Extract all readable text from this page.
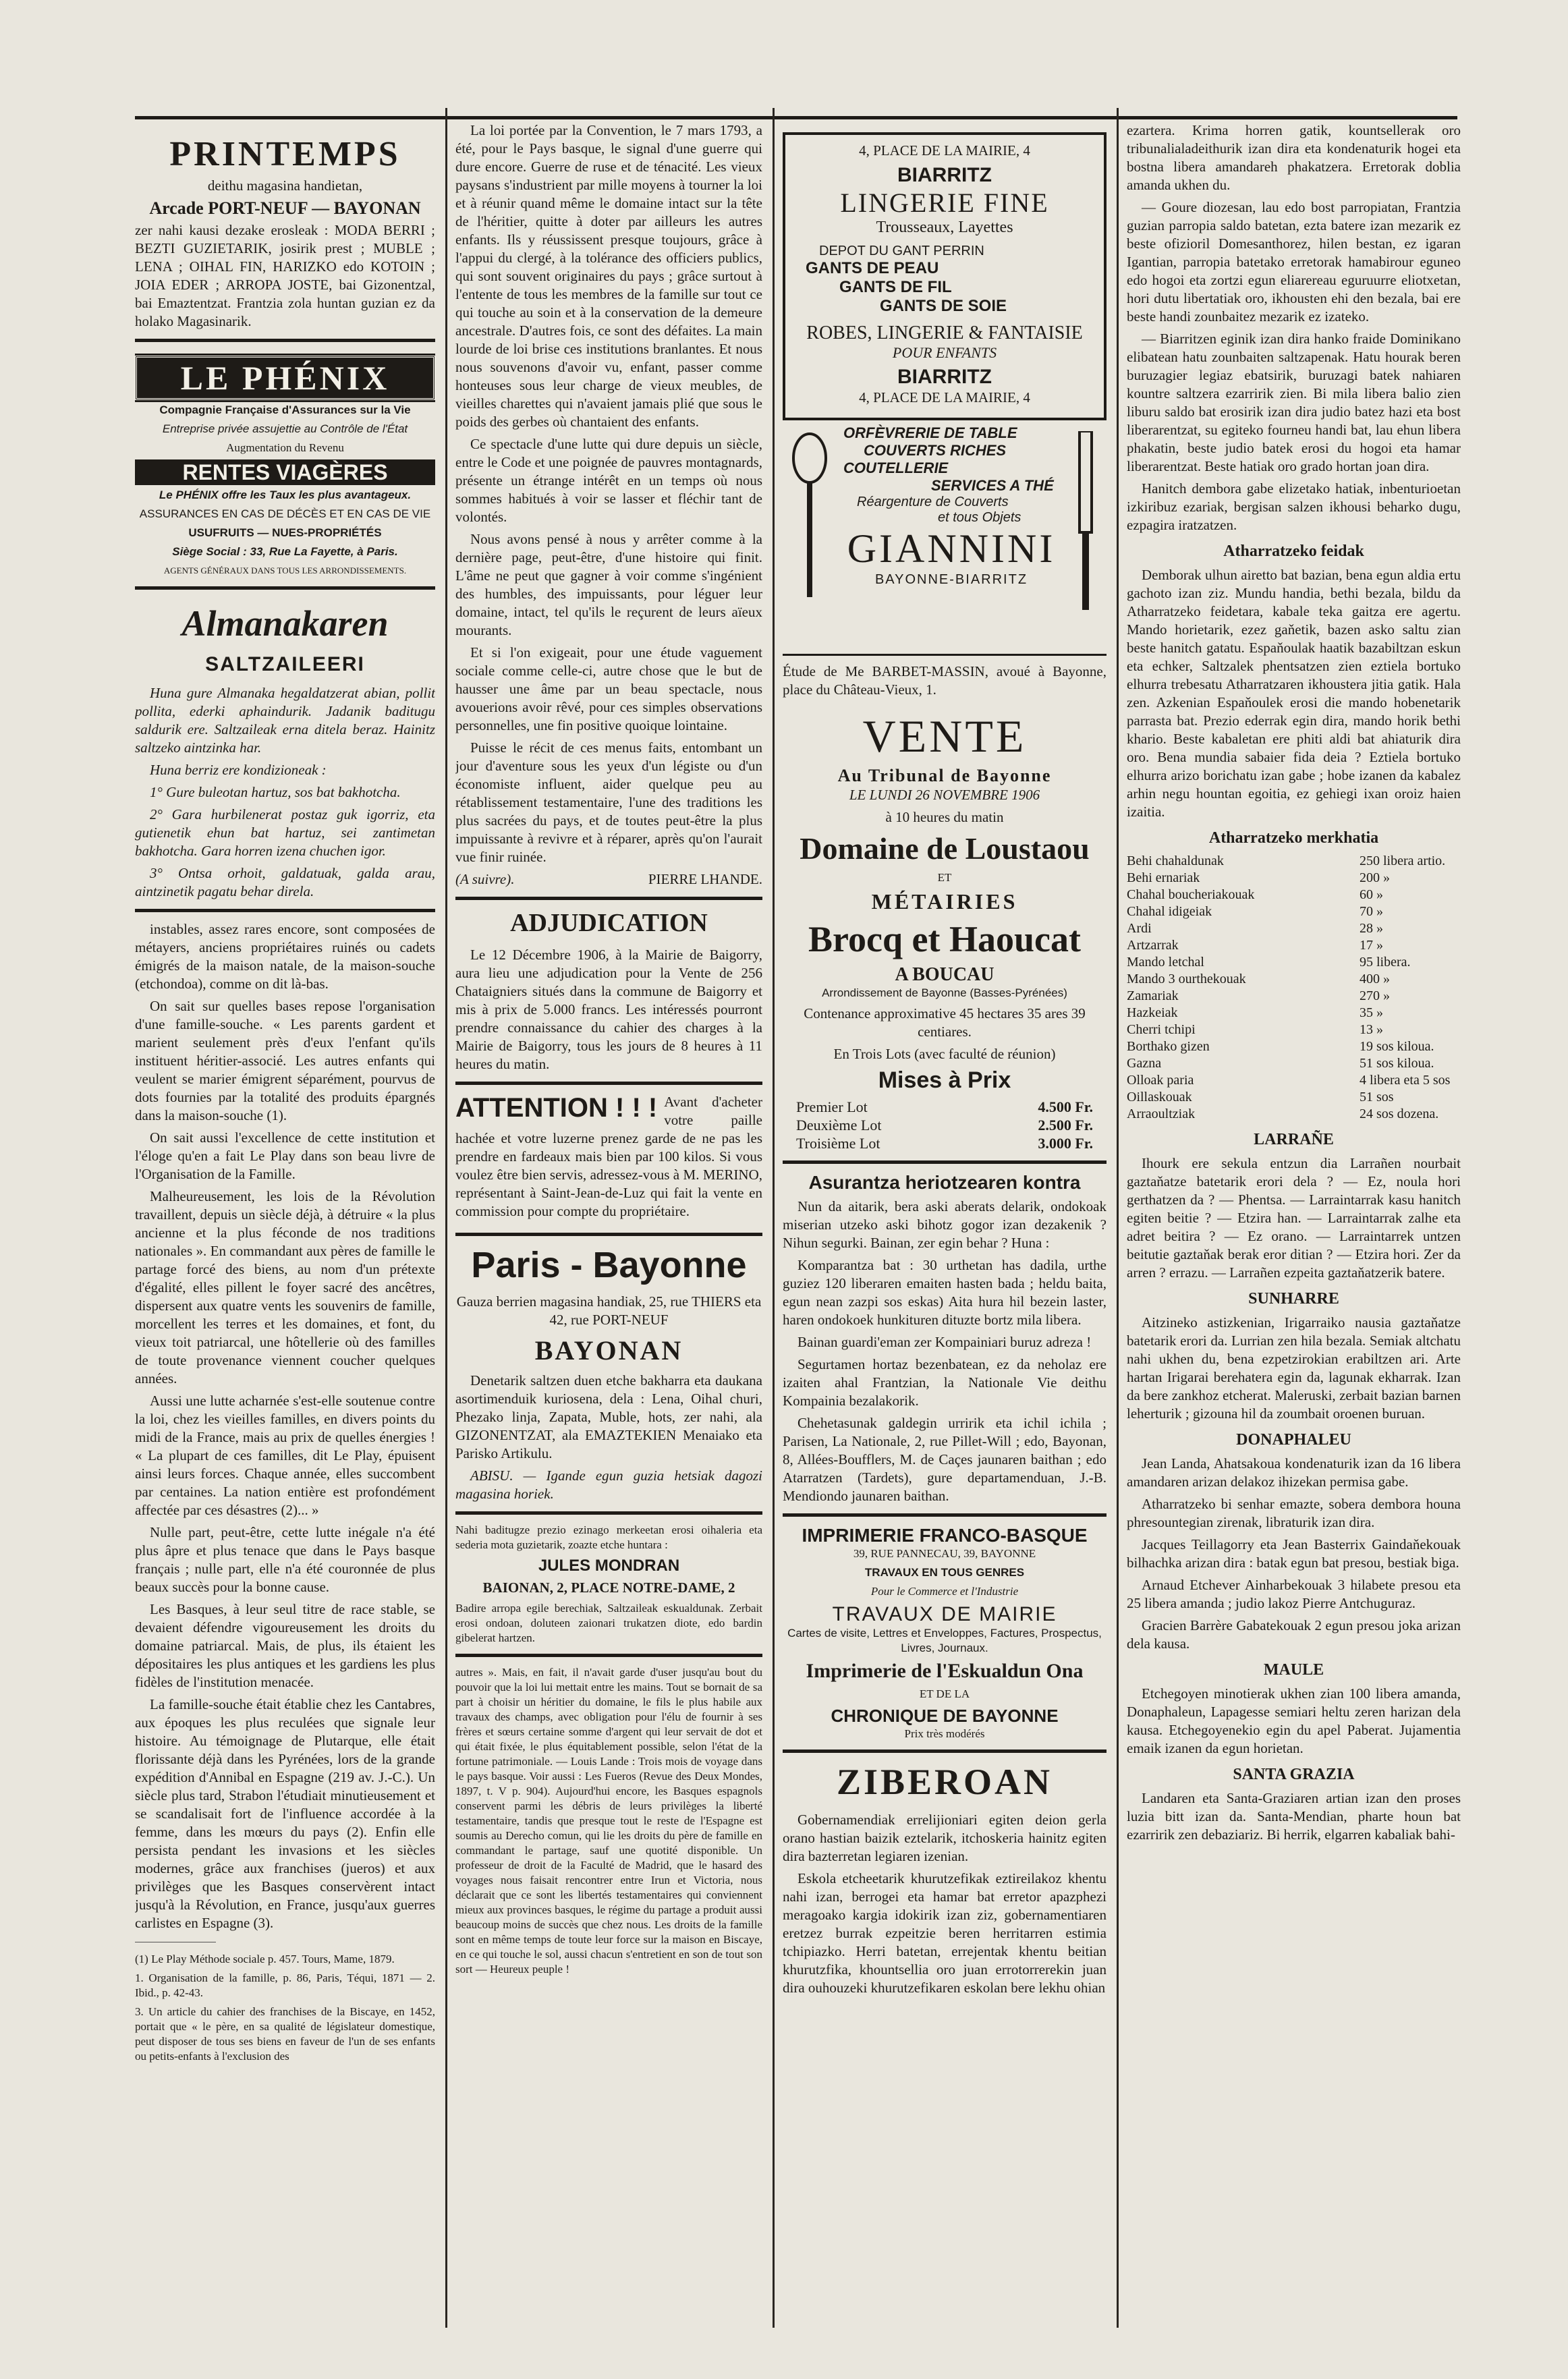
PRINTEMPS
deithu magasina handietan,
Arcade PORT-NEUF — BAYONAN
zer nahi kausi dezake erosleak : MODA BERRI ; BEZTI GUZIETARIK, josirik prest ; MUBLE ; LENA ; OIHAL FIN, HARIZKO edo KOTOIN ; JOIA EDER ; ARROPA JOSTE, bai Gizonentzal, bai Emaztentzat. Frantzia zola huntan guzian ez da holako Magasinarik.
LE PHÉNIX
Compagnie Française d'Assurances sur la Vie
Entreprise privée assujettie au Contrôle de l'État
Augmentation du Revenu
RENTES VIAGÈRES
Le PHÉNIX offre les Taux les plus avantageux.
ASSURANCES EN CAS DE DÉCÈS ET EN CAS DE VIE
USUFRUITS — NUES-PROPRIÉTÉS
Siège Social : 33, Rue La Fayette, à Paris.
AGENTS GÉNÉRAUX DANS TOUS LES ARRONDISSEMENTS.
Almanakaren
SALTZAILEERI
Huna gure Almanaka hegaldatzerat abian, pollit pollita, ederki aphaindurik. Jadanik baditugu saldurik ere. Saltzaileak erna ditela beraz. Hainitz saltzeko aintzinka har.
Huna berriz ere kondizioneak :
1° Gure buleotan hartuz, sos bat bakhotcha.
2° Gara hurbilenerat postaz guk igorriz, eta gutienetik ehun bat hartuz, sei zantimetan bakhotcha. Gara horren izena chuchen igor.
3° Ontsa orhoit, galdatuak, galda arau, aintzinetik pagatu behar direla.
instables, assez rares encore, sont composées de métayers, anciens propriétaires ruinés ou cadets émigrés de la maison natale, de la maison-souche (etchondoa), comme on dit là-bas.
On sait sur quelles bases repose l'organisation d'une famille-souche. « Les parents gardent et marient seulement près d'eux l'enfant qu'ils instituent héritier-associé. Les autres enfants qui veulent se marier émigrent séparément, pourvus de dots fournies par la totalité des produits épargnés dans la maison-souche (1).
On sait aussi l'excellence de cette institution et l'éloge qu'en a fait Le Play dans son beau livre de l'Organisation de la Famille.
Malheureusement, les lois de la Révolution travaillent, depuis un siècle déjà, à détruire « la plus ancienne et la plus féconde de nos traditions nationales ». En commandant aux pères de famille le partage forcé des biens, au nom d'un prétexte d'égalité, elles pillent le foyer sacré des ancêtres, dispersent aux quatre vents les souvenirs de famille, morcellent les terres et les domaines, et font, du vieux toit patriarcal, une hôtellerie où des familles de toute provenance viennent coucher quelques années.
Aussi une lutte acharnée s'est-elle soutenue contre la loi, chez les vieilles familles, en divers points du midi de la France, mais au prix de quelles énergies ! « La plupart de ces familles, dit Le Play, épuisent ainsi leurs forces. Chaque année, elles succombent par centaines. La nation entière est profondément affectée par ces désastres (2)... »
Nulle part, peut-être, cette lutte inégale n'a été plus âpre et plus tenace que dans le Pays basque français ; nulle part, elle n'a été couronnée de plus beaux succès pour la bonne cause.
Les Basques, à leur seul titre de race stable, se devaient défendre vigoureusement les droits du domaine patriarcal. Mais, de plus, ils étaient les dépositaires les plus antiques et les gardiens les plus fidèles de l'institution menacée.
La famille-souche était établie chez les Cantabres, aux époques les plus reculées que signale leur histoire. Au témoignage de Plutarque, elle était florissante déjà dans les Pyrénées, lors de la grande expédition d'Annibal en Espagne (219 av. J.-C.). Un siècle plus tard, Strabon l'étudiait minutieusement et se scandalisait fort de l'influence accordée à la femme, dans les mœurs du pays (2). Enfin elle persista pendant les invasions et les siècles modernes, grâce aux franchises (jueros) et aux privilèges que les Basques conservèrent intact jusqu'à la Révolution, en France, jusqu'aux guerres carlistes en Espagne (3).
(1) Le Play Méthode sociale p. 457. Tours, Mame, 1879.
1. Organisation de la famille, p. 86, Paris, Téqui, 1871 — 2. Ibid., p. 42-43.
3. Un article du cahier des franchises de la Biscaye, en 1452, portait que « le père, en sa qualité de législateur domestique, peut disposer de tous ses biens en faveur de l'un de ses enfants ou petits-enfants à l'exclusion des
La loi portée par la Convention, le 7 mars 1793, a été, pour le Pays basque, le signal d'une guerre qui dure encore. Guerre de ruse et de ténacité. Les vieux paysans s'industrient par mille moyens à tourner la loi et à réunir quand même le domaine intact sur la tête de l'héritier, quitte à doter par ailleurs les autres enfants. Ils y réussissent presque toujours, grâce à l'appui du clergé, à la tolérance des officiers publics, qui sont souvent originaires du pays ; grâce surtout à l'entente de tous les membres de la famille sur tout ce qui touche au soin et à la conservation de la demeure ancestrale. D'autres fois, ce sont des défaites. La main lourde de loi brise ces institutions branlantes. Et nous nous souvenons d'avoir vu, enfant, passer comme honteuses sous leur charge de vieux meubles, de vieilles charettes qui n'avaient jamais plié que sous le poids des gerbes où chantaient des enfants.
Ce spectacle d'une lutte qui dure depuis un siècle, entre le Code et une poignée de pauvres montagnards, présente un étrange intérêt en un temps où nous sommes habitués à voir se lasser et fléchir tant de volontés.
Nous avons pensé à nous y arrêter comme à la dernière page, peut-être, d'une histoire qui finit. L'âme ne peut que gagner à voir comme s'ingénient des humbles, des impuissants, pour léguer leur domaine, intact, tel qu'ils le reçurent de leurs aïeux mourants.
Et si l'on exigeait, pour une étude vaguement sociale comme celle-ci, autre chose que le but de hausser une âme par un beau spectacle, nous avouerions avoir rêvé, pour ces simples observations personnelles, une fin positive quoique lointaine.
Puisse le récit de ces menus faits, entombant un jour d'aventure sous les yeux d'un légiste ou d'un économiste influent, aider quelque peu au rétablissement testamentaire, l'une des traditions les plus sacrées du pays, et de toutes peut-être la plus impuissante à revivre et à réparer, après qu'on l'aurait vue finir ruinée.
(A suivre).	PIERRE LHANDE.
ADJUDICATION
Le 12 Décembre 1906, à la Mairie de Baigorry, aura lieu une adjudication pour la Vente de 256 Chataigniers situés dans la commune de Baigorry et mis à prix de 5.000 francs. Les intéressés pourront prendre connaissance du cahier des charges à la Mairie de Baigorry, tous les jours de 8 heures à 11 heures du matin.
ATTENTION ! ! ! Avant d'acheter votre paille hachée et votre luzerne prenez garde de ne pas les prendre en fardeaux mais bien par 100 kilos. Si vous voulez être bien servis, adressez-vous à M. MERINO, représentant à Saint-Jean-de-Luz qui fait la vente en commission pour compte du propriétaire.
Paris - Bayonne
Gauza berrien magasina handiak, 25, rue THIERS eta 42, rue PORT-NEUF
BAYONAN
Denetarik saltzen duen etche bakharra eta daukana asortimenduik kuriosena, dela : Lena, Oihal churi, Phezako linja, Zapata, Muble, hots, zer nahi, ala GIZONENTZAT, ala EMAZTEKIEN Menaiako eta Parisko Artikulu.
ABISU. — Igande egun guzia hetsiak dagozi magasina horiek.
Nahi baditugze prezio ezinago merkeetan erosi oihaleria eta sederia mota guzietarik, zoazte etche huntara :
JULES MONDRAN
BAIONAN, 2, PLACE NOTRE-DAME, 2
Badire arropa egile berechiak, Saltzaileak eskualdunak. Zerbait erosi ondoan, doluteen zaionari trukatzen diote, edo bardin gibelerat hartzen.
autres ». Mais, en fait, il n'avait garde d'user jusqu'au bout du pouvoir que la loi lui mettait entre les mains. Tout se bornait de sa part à choisir un héritier du domaine, le fils le plus habile aux travaux des champs, avec obligation pour l'élu de fournir à ses frères et sœurs certaine somme d'argent qui leur servait de dot et qui était fixée, le plus équitablement possible, selon l'état de la fortune patrimoniale. — Louis Lande : Trois mois de voyage dans le pays basque. Voir aussi : Les Fueros (Revue des Deux Mondes, 1897, t. V p. 904). Aujourd'hui encore, les Basques espagnols conservent parmi les débris de leurs privilèges la liberté testamentaire, tandis que presque tout le reste de l'Espagne est soumis au Derecho comun, qui lie les droits du père de famille en commandant le partage, sauf une quotité disponible. Un professeur de droit de la Faculté de Madrid, que le hasard des voyages nous faisait rencontrer entre Irun et Victoria, nous déclarait que ce sont les libertés testamentaires qui conviennent mieux aux provinces basques, le régime du partage a produit aussi beaucoup moins de succès que chez nous. Les droits de la famille sont en même temps de toute leur force sur la maison en Biscaye, en ce qui touche le sol, aussi chacun s'entretient en son de tout son sort — Heureux peuple !
4, PLACE DE LA MAIRIE, 4
BIARRITZ
LINGERIE FINE
Trousseaux, Layettes
DEPOT DU GANT PERRIN
GANTS DE PEAU
GANTS DE FIL
GANTS DE SOIE
ROBES, LINGERIE & FANTAISIE
POUR ENFANTS
BIARRITZ
4, PLACE DE LA MAIRIE, 4
ORFÈVRERIE DE TABLE
COUVERTS RICHES
COUTELLERIE
SERVICES A THÉ
Réargenture de Couverts
et tous Objets
GIANNINI
BAYONNE-BIARRITZ
Étude de Me BARBET-MASSIN, avoué à Bayonne, place du Château-Vieux, 1.
VENTE
Au Tribunal de Bayonne
LE LUNDI 26 NOVEMBRE 1906
à 10 heures du matin
Domaine de Loustaou
ET
MÉTAIRIES
Brocq et Haoucat
A BOUCAU
Arrondissement de Bayonne (Basses-Pyrénées)
Contenance approximative 45 hectares 35 ares 39 centiares.
En Trois Lots (avec faculté de réunion)
Mises à Prix
Premier Lot	4.500 Fr.
Deuxième Lot	2.500 Fr.
Troisième Lot	3.000 Fr.
Asurantza heriotzearen kontra
Nun da aitarik, bera aski aberats delarik, ondokoak miserian utzeko aski bihotz gogor izan dezakenik ? Nihun segurki. Bainan, zer egin behar ? Huna :
Komparantza bat : 30 urthetan has dadila, urthe guziez 120 liberaren emaiten hasten bada ; heldu baita, egun nean zazpi sos eskas) Aita hura hil bezein laster, haren ondokoek hunkituren dituzte bortz mila libera.
Bainan guardi'eman zer Kompainiari buruz adreza !
Segurtamen hortaz bezenbatean, ez da neholaz ere izaiten ahal Frantzian, la Nationale Vie deithu Kompainia bezalakorik.
Chehetasunak galdegin urririk eta ichil ichila ; Parisen, La Nationale, 2, rue Pillet-Will ; edo, Bayonan, 8, Allées-Boufflers, M. de Caçes jaunaren baithan ; edo Atarratzen (Tardets), gure departamenduan, J.-B. Mendiondo jaunaren baithan.
IMPRIMERIE FRANCO-BASQUE
39, RUE PANNECAU, 39, BAYONNE
TRAVAUX EN TOUS GENRES
Pour le Commerce et l'Industrie
TRAVAUX DE MAIRIE
Cartes de visite, Lettres et Enveloppes, Factures, Prospectus, Livres, Journaux.
Imprimerie de l'Eskualdun Ona
ET DE LA
CHRONIQUE DE BAYONNE
Prix très modérés
ZIBEROAN
Gobernamendiak errelijioniari egiten deion gerla orano hastian baizik eztelarik, itchoskeria hainitz egiten dira bazterretan legiaren izenian.
Eskola etcheetarik khurutzefikak eztireilakoz khentu nahi izan, berrogei eta hamar bat erretor apazphezi meragoako kargia idokirik izan ziz, gobernamentiaren eretzez burrak ezpeitzie beren herritarren estimia tchipiazko. Herri batetan, errejentak khentu beitian khurutzfika, khountsellia oro juan errotorrerekin juan dira ouhouzeki khurutzefikaren eskolan bere lekhu ohian
ezartera. Krima horren gatik, kountsellerak oro tribunalialadeithurik izan dira eta kondenaturik hogei eta bostna libera amandareh phakatzera. Erretorak doblia amanda ukhen du.
— Goure diozesan, lau edo bost parropiatan, Frantzia guzian parropia saldo batetan, ezta batere izan mezarik ez beste ofizioril Domesanthorez, hilen bestan, ez igaran Igantian, parropia batetako erretorak hamabirour eguneo edo hogoi eta zortzi egun eliarereau eguruurre eliotxetan, hori dutu libertatiak oro, ikhousten ehi den bezala, bai ere beste handi zounbaitez mezarik ez izateko.
— Biarritzen eginik izan dira hanko fraide Dominikano elibatean hatu zounbaiten saltzapenak. Hatu hourak beren buruzagier legiaz ebatsirik, buruzagi batek nahiaren kountre saltzera ezarririk zien. Bi mila libera balio zien liburu saldo bat erosirik izan dira judio batez hazi eta bost liberarentzat, su egiteko fourneu handi bat, lau ehun libera phakatin, beste judio batek erosi du hogoi eta hamar liberarentzat. Beste hatiak oro grado hortan joan dira.
Hanitch dembora gabe elizetako hatiak, inbenturioetan izkiribuz ezariak, bergisan salzen ikhousi beharko dugu, ezpagira iratzatzen.
Atharratzeko feidak
Demborak ulhun airetto bat bazian, bena egun aldia ertu gachoto izan ziz. Mundu handia, bethi bezala, bildu da Atharratzeko feidetara, kabale teka gaitza ere agertu. Mando horietarik, ezez gaňetik, bazen asko saltu zian beste hanitch gatatu. Espaňoulak haatik bazabiltzan eskun eta echker, Saltzalek phentsatzen zien eztiela bortuko elhurra trebesatu Atharratzaren ikhoustera jitia gatik. Hala zen. Azkenian Espaňoulek erosi die mando hobenetarik parrasta bat. Prezio ederrak egin dira, mando horik bethi khario. Beste kabaletan ere phiti aldi bat ahiaturik dira oro. Bena mundia sabaier fida deia ? Eztiela bortuko elhurra arizo borichatu izan gabe ; hobe izanen da kabalez arhin negu hountan egoitia, ez gehiegi ixan oroiz haien izaitia.
Atharratzeko merkhatia
Behi chahaldunak	250 libera artio.
Behi ernariak	200 »
Chahal boucheriakouak	60 »
Chahal idigeiak	70 »
Ardi	28 »
Artzarrak	17 »
Mando letchal	95 libera.
Mando 3 ourthekouak	400 »
Zamariak	270 »
Hazkeiak	35 »
Cherri tchipi	13 »
Borthako gizen	19 sos kiloua.
Gazna	51 sos kiloua.
Olloak paria	4 libera eta 5 sos
Oillaskouak	51 sos
Arraoultziak	24 sos dozena.
LARRAÑE
Ihourk ere sekula entzun dia Larrañen nourbait gaztaňatze batetarik erori dela ? — Ez, noula hori gerthatzen da ? — Phentsa. — Larraintarrak kasu hanitch egiten beitie ? — Etzira han. — Larraintarrak zalhe eta adret beitira ? — Ez orano. — Larraintarrek untzen beitutie gaztaňak berak eror ditian ? — Etzira hori. Zer da arren ? errazu. — Larrañen ezpeita gaztaňatzerik batere.
SUNHARRE
Aitzineko astizkenian, Irigarraiko nausia gaztaňatze batetarik erori da. Lurrian zen hila bezala. Semiak altchatu nahi ukhen du, bena ezpetzirokian erabiltzen ari. Arte hartan Irigarai berehatera egin da, lagunak ekharrak. Izan da bere zankhoz etcherat. Maleruski, zerbait bazian barnen leherturik ; gizouna hil da zoumbait oroenen buruan.
DONAPHALEU
Jean Landa, Ahatsakoua kondenaturik izan da 16 libera amandaren arizan delakoz ihizekan permisa gabe.
Atharratzeko bi senhar emazte, sobera dembora houna phresountegian zirenak, libraturik izan dira.
Jacques Teillagorry eta Jean Basterrix Gaindaňekouak bilhachka arizan dira : batak egun bat presou, bestiak biga.
Arnaud Etchever Ainharbekouak 3 hilabete presou eta 25 libera amanda ; judio lakoz Pierre Antchuguraz.
Gracien Barrère Gabatekouak 2 egun presou joka arizan dela kausa.
MAULE
Etchegoyen minotierak ukhen zian 100 libera amanda, Donaphaleun, Lapagesse semiari heltu zeren harizan dela kausa. Etchegoyenekio egin du apel Paberat. Jujamentia emaik izanen da egun horietan.
SANTA GRAZIA
Landaren eta Santa-Graziaren artian izan den proses luzia bitt izan da. Santa-Mendian, pharte houn bat ezarririk zen debaziariz. Bi herrik, elgarren kabaliak bahi-
